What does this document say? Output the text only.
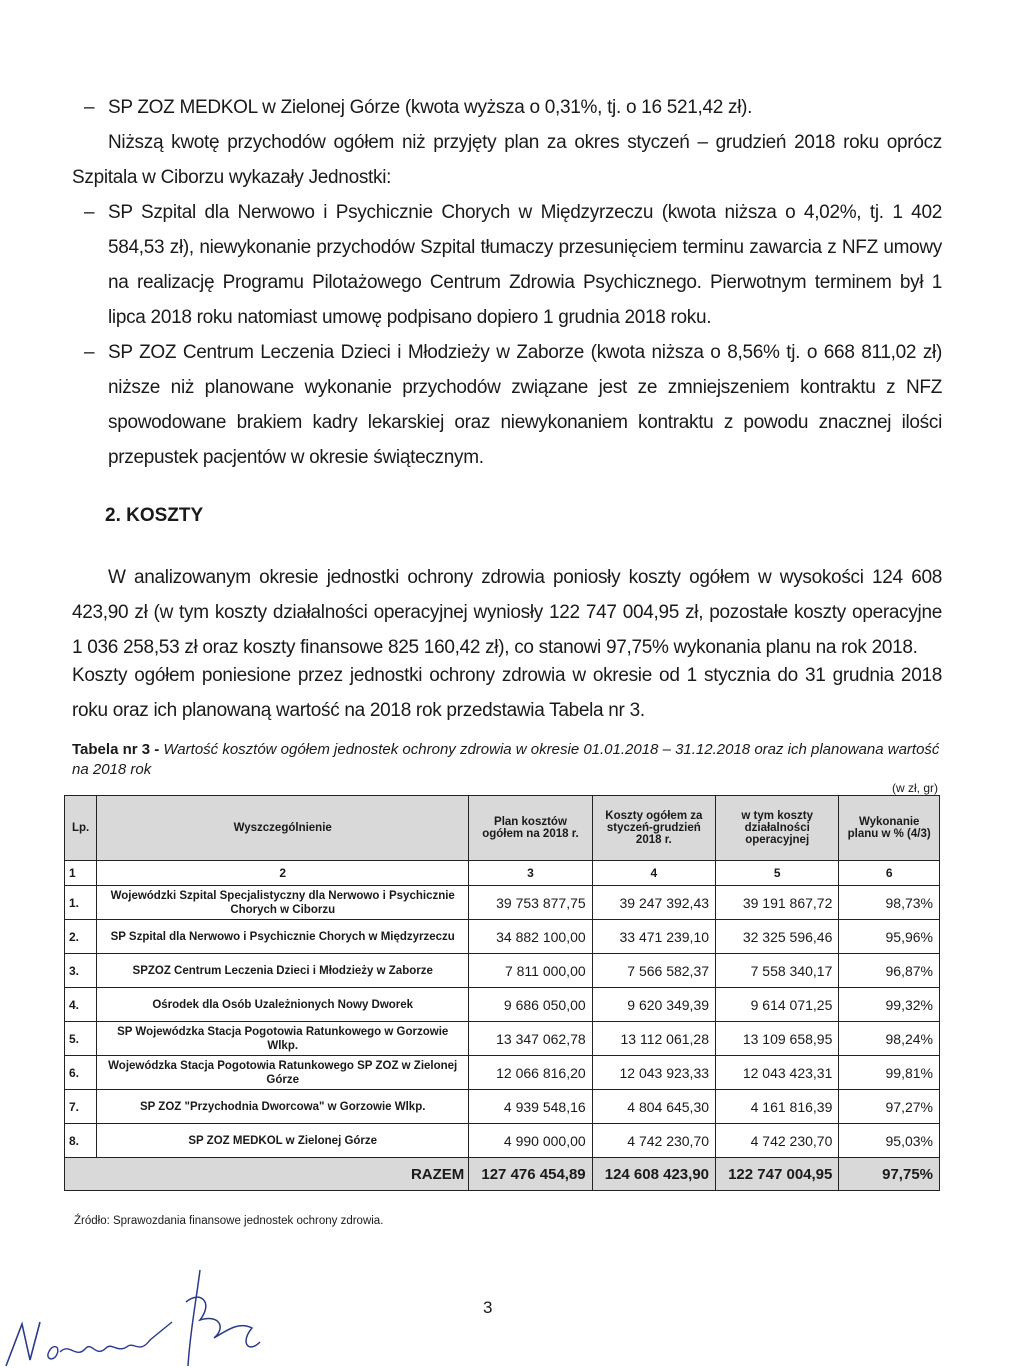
– SP ZOZ MEDKOL w Zielonej Górze (kwota wyższa o 0,31%, tj. o 16 521,42 zł).
Niższą kwotę przychodów ogółem niż przyjęty plan za okres styczeń – grudzień 2018 roku oprócz Szpitala w Ciborzu wykazały Jednostki:
– SP Szpital dla Nerwowo i Psychicznie Chorych w Międzyrzeczu (kwota niższa o 4,02%, tj. 1 402 584,53 zł), niewykonanie przychodów Szpital tłumaczy przesunięciem terminu zawarcia z NFZ umowy na realizację Programu Pilotażowego Centrum Zdrowia Psychicznego. Pierwotnym terminem był 1 lipca 2018 roku natomiast umowę podpisano dopiero 1 grudnia 2018 roku.
– SP ZOZ Centrum Leczenia Dzieci i Młodzieży w Zaborze (kwota niższa o 8,56% tj. o 668 811,02 zł) niższe niż planowane wykonanie przychodów związane jest ze zmniejszeniem kontraktu z NFZ spowodowane brakiem kadry lekarskiej oraz niewykonaniem kontraktu z powodu znacznej ilości przepustek pacjentów w okresie świątecznym.
2. KOSZTY
W analizowanym okresie jednostki ochrony zdrowia poniosły koszty ogółem w wysokości 124 608 423,90 zł (w tym koszty działalności operacyjnej wyniosły 122 747 004,95 zł, pozostałe koszty operacyjne 1 036 258,53 zł oraz koszty finansowe 825 160,42 zł), co stanowi 97,75% wykonania planu na rok 2018.
Koszty ogółem poniesione przez jednostki ochrony zdrowia w okresie od 1 stycznia do 31 grudnia 2018 roku oraz ich planowaną wartość na 2018 rok przedstawia Tabela nr 3.
Tabela nr 3 - Wartość kosztów ogółem jednostek ochrony zdrowia w okresie 01.01.2018 – 31.12.2018 oraz ich planowana wartość na 2018 rok
(w zł, gr)
Lp.	Wyszczególnienie	Plan kosztów ogółem na 2018 r.	Koszty ogółem za styczeń-grudzień 2018 r.	w tym koszty działalności operacyjnej	Wykonanie planu w % (4/3)
1	2	3	4	5	6
1.	Wojewódzki Szpital Specjalistyczny dla Nerwowo i Psychicznie Chorych w Ciborzu	39 753 877,75	39 247 392,43	39 191 867,72	98,73%
2.	SP Szpital dla Nerwowo i Psychicznie Chorych w Międzyrzeczu	34 882 100,00	33 471 239,10	32 325 596,46	95,96%
3.	SPZOZ Centrum Leczenia Dzieci i Młodzieży w Zaborze	7 811 000,00	7 566 582,37	7 558 340,17	96,87%
4.	Ośrodek dla Osób Uzależnionych Nowy Dworek	9 686 050,00	9 620 349,39	9 614 071,25	99,32%
5.	SP Wojewódzka Stacja Pogotowia Ratunkowego w Gorzowie Wlkp.	13 347 062,78	13 112 061,28	13 109 658,95	98,24%
6.	Wojewódzka Stacja Pogotowia Ratunkowego SP ZOZ w Zielonej Górze	12 066 816,20	12 043 923,33	12 043 423,31	99,81%
7.	SP ZOZ "Przychodnia Dworcowa" w Gorzowie Wlkp.	4 939 548,16	4 804 645,30	4 161 816,39	97,27%
8.	SP ZOZ MEDKOL w Zielonej Górze	4 990 000,00	4 742 230,70	4 742 230,70	95,03%
RAZEM		127 476 454,89	124 608 423,90	122 747 004,95	97,75%
Źródło: Sprawozdania finansowe jednostek ochrony zdrowia.
3
